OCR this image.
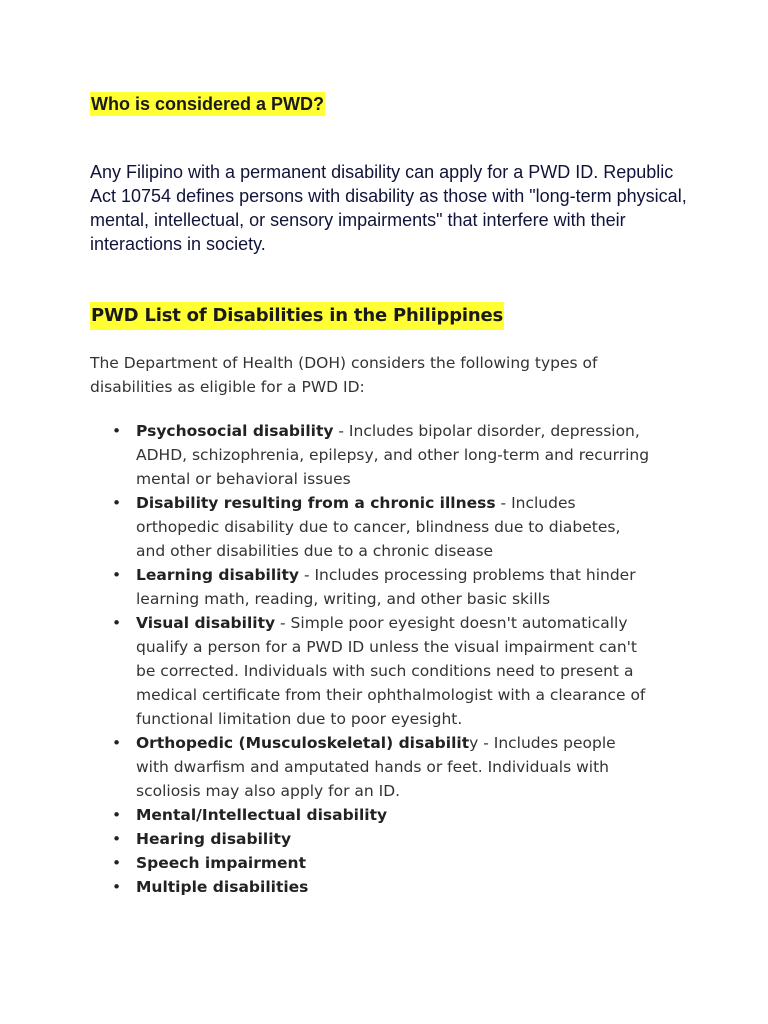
Who is considered a PWD?

Any Filipino with a permanent disability can apply for a PWD ID. Republic Act 10754 defines persons with disability as those with "long-term physical, mental, intellectual, or sensory impairments" that interfere with their interactions in society.

PWD List of Disabilities in the Philippines

The Department of Health (DOH) considers the following types of disabilities as eligible for a PWD ID:

• Psychosocial disability - Includes bipolar disorder, depression, ADHD, schizophrenia, epilepsy, and other long-term and recurring mental or behavioral issues
• Disability resulting from a chronic illness - Includes orthopedic disability due to cancer, blindness due to diabetes, and other disabilities due to a chronic disease
• Learning disability - Includes processing problems that hinder learning math, reading, writing, and other basic skills
• Visual disability - Simple poor eyesight doesn't automatically qualify a person for a PWD ID unless the visual impairment can't be corrected. Individuals with such conditions need to present a medical certificate from their ophthalmologist with a clearance of functional limitation due to poor eyesight.
• Orthopedic (Musculoskeletal) disability - Includes people with dwarfism and amputated hands or feet. Individuals with scoliosis may also apply for an ID.
• Mental/Intellectual disability
• Hearing disability
• Speech impairment
• Multiple disabilities
